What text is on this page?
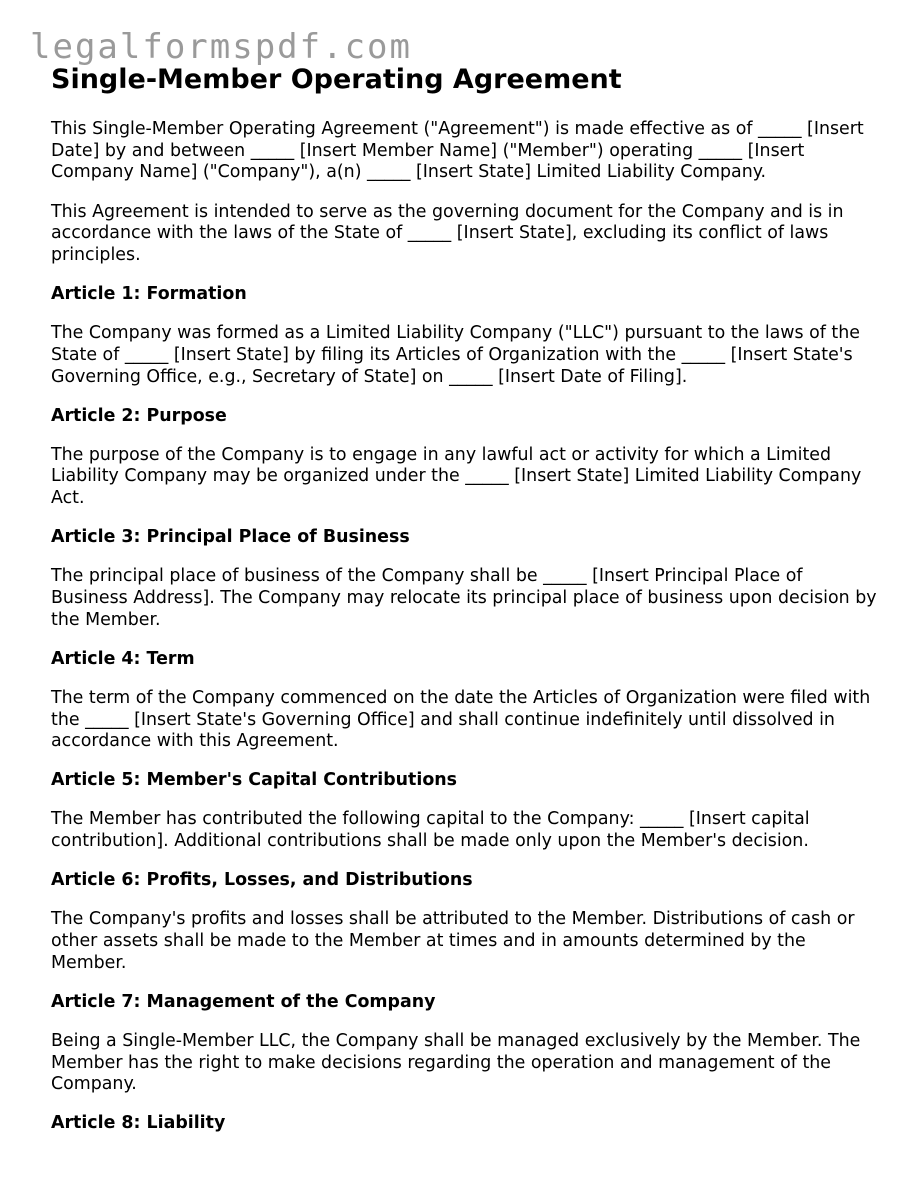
legalformspdf.com
Single-Member Operating Agreement

This Single-Member Operating Agreement ("Agreement") is made effective as of _____ [Insert Date] by and between _____ [Insert Member Name] ("Member") operating _____ [Insert Company Name] ("Company"), a(n) _____ [Insert State] Limited Liability Company.

This Agreement is intended to serve as the governing document for the Company and is in accordance with the laws of the State of _____ [Insert State], excluding its conflict of laws principles.

Article 1: Formation

The Company was formed as a Limited Liability Company ("LLC") pursuant to the laws of the State of _____ [Insert State] by filing its Articles of Organization with the _____ [Insert State's Governing Office, e.g., Secretary of State] on _____ [Insert Date of Filing].

Article 2: Purpose

The purpose of the Company is to engage in any lawful act or activity for which a Limited Liability Company may be organized under the _____ [Insert State] Limited Liability Company Act.

Article 3: Principal Place of Business

The principal place of business of the Company shall be _____ [Insert Principal Place of Business Address]. The Company may relocate its principal place of business upon decision by the Member.

Article 4: Term

The term of the Company commenced on the date the Articles of Organization were filed with the _____ [Insert State's Governing Office] and shall continue indefinitely until dissolved in accordance with this Agreement.

Article 5: Member's Capital Contributions

The Member has contributed the following capital to the Company: _____ [Insert capital contribution]. Additional contributions shall be made only upon the Member's decision.

Article 6: Profits, Losses, and Distributions

The Company's profits and losses shall be attributed to the Member. Distributions of cash or other assets shall be made to the Member at times and in amounts determined by the Member.

Article 7: Management of the Company

Being a Single-Member LLC, the Company shall be managed exclusively by the Member. The Member has the right to make decisions regarding the operation and management of the Company.

Article 8: Liability
